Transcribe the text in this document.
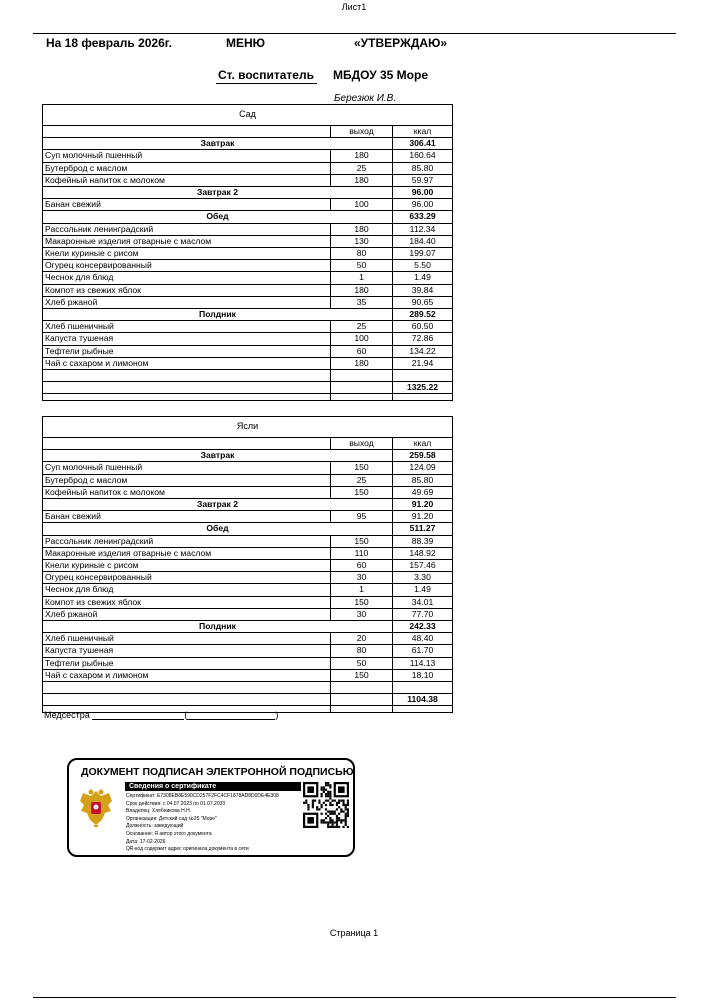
Лист1
На 18 февраль 2026г.	МЕНЮ	«УТВЕРЖДАЮ»
Ст. воспитатель МБДОУ 35 Море
Березюк И.В.
Сад		
	выход	ккал
Завтрак		306.41
Суп молочный пшенный	180	160.64
Бутерброд с маслом	25	85.80
Кофейный напиток с молоком	180	59.97
Завтрак 2		96.00
Банан свежий	100	96.00
Обед		633.29
Рассольник ленинградский	180	112.34
Макаронные изделия отварные с маслом	130	184.40
Кнели куриные с рисом	80	199.07
Огурец консервированный	50	5.50
Чеснок для блюд	1	1.49
Компот из свежих яблок	180	39.84
Хлеб ржаной	35	90.65
Полдник		289.52
Хлеб пшеничный	25	60.50
Капуста тушеная	100	72.86
Тефтели рыбные	60	134.22
Чай с сахаром и лимоном	180	21.94

		1325.22

Ясли		
	выход	ккал
Завтрак		259.58
Суп молочный пшенный	150	124.09
Бутерброд с маслом	25	85.80
Кофейный напиток с молоком	150	49.69
Завтрак 2		91.20
Банан свежий	95	91.20
Обед		511.27
Рассольник ленинградский	150	88.39
Макаронные изделия отварные с маслом	110	148.92
Кнели куриные с рисом	60	157.46
Огурец консервированный	30	3.30
Чеснок для блюд	1	1.49
Компот из свежих яблок	150	34.01
Хлеб ржаной	30	77.70
Полдник		242.33
Хлеб пшеничный	20	48.40
Капуста тушеная	80	61.70
Тефтели рыбные	50	114.13
Чай с сахаром и лимоном	150	18.10

		1104.38

Медсестра	(	)
ДОКУМЕНТ ПОДПИСАН ЭЛЕКТРОННОЙ ПОДПИСЬЮ
Сведения о сертификате
Сертификат: E7308EB8E590CD257F2FC4CF1878AD8D0DE4E308
Срок действия: с 04.07.2023 по 01.07.2033
Владелец: Хлебникова Н.Н.
Организация: Детский сад №35 "Море"
Должность: заведующий
Основание: Я автор этого документа
Дата: 17-02-2026
QR-код содержит адрес оригинала документа в сети
Страница 1
